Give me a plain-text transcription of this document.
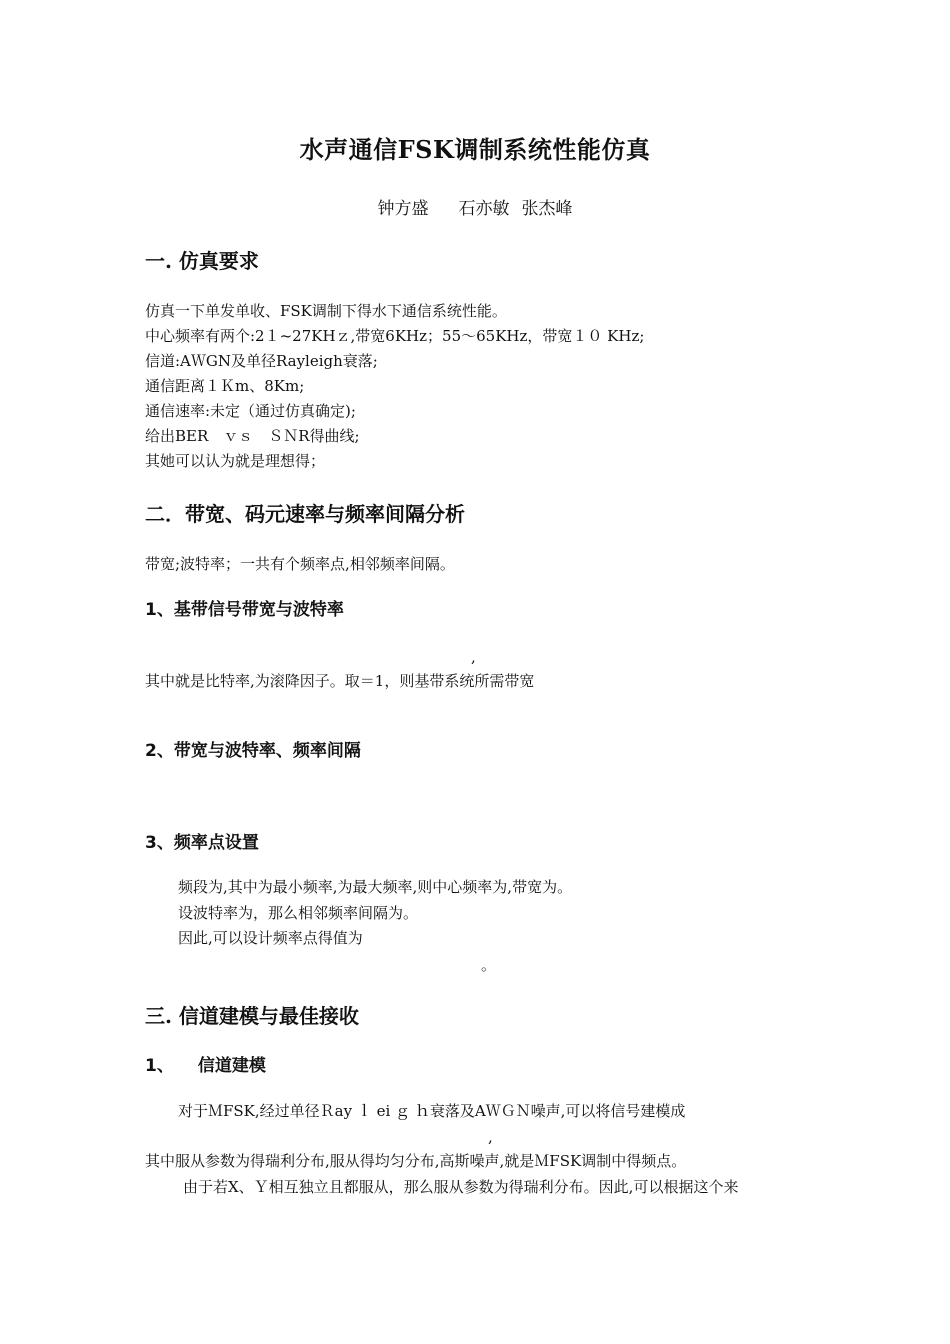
水声通信FSK调制系统性能仿真
钟方盛 石亦敏 张杰峰
一. 仿真要求
仿真一下单发单收、FSK调制下得水下通信系统性能。
中心频率有两个:2１~27KHｚ,带宽6KHz；55～65KHz，带宽１０ KHz;
信道:AＷGN及单径Rayleigh衰落;
通信距离１Ｋm、8Km;
通信速率:未定（通过仿真确定);
给出BER　ｖｓ　ＳＮR得曲线;
其她可以认为就是理想得；
二．带宽、码元速率与频率间隔分析
带宽;波特率；一共有个频率点,相邻频率间隔。
1、基带信号带宽与波特率
,
其中就是比特率,为滚降因子。取＝1，则基带系统所需带宽
2、带宽与波特率、频率间隔
3、频率点设置
频段为,其中为最小频率,为最大频率,则中心频率为,带宽为。
设波特率为，那么相邻频率间隔为。
因此,可以设计频率点得值为
。
三. 信道建模与最佳接收
1、 信道建模
对于ＭFSK,经过单径Ｒay ｌ ei ｇ ｈ衰落及AＷＧＮ噪声,可以将信号建模成
,
其中服从参数为得瑞利分布,服从得均匀分布,高斯噪声,就是ＭFSK调制中得频点。
由于若X、Ｙ相互独立且都服从，那么服从参数为得瑞利分布。因此,可以根据这个来
